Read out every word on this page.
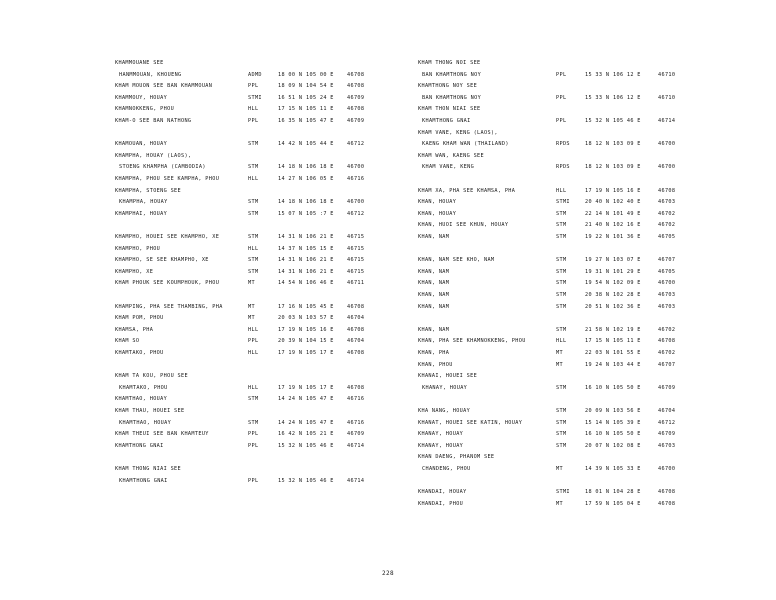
KHAMMOUANE SEE
HANMMOUAN, KHOUENG	ADMD	18 00 N 105 00 E	46708
KHAM MOUON SEE BAN KHAMMOUAN	PPL	18 09 N 104 54 E	46708
KHAMMOUY, HOUAY	STMI	16 51 N 105 24 E	46709
KHAMNOKKENG, PHOU	HLL	17 15 N 105 11 E	46708
KHAM-O SEE BAN NATHONG	PPL	16 35 N 105 47 E	46709
KHAMOUAN, HOUAY	STM	14 42 N 105 44 E	46712
KHAMPHA, HOUAY (LAOS),
STOENG KHAMPHA (CAMBODIA)	STM	14 18 N 106 18 E	46700
KHAMPHA, PHOU SEE KAMPHA, PHOU	HLL	14 27 N 106 05 E	46716
KHAMPHA, STOENG SEE
KHAMPHA, HOUAY	STM	14 18 N 106 18 E	46700
KHAMPHAI, HOUAY	STM	15 07 N 105 :7 E	46712
KHAMPHO, HOUEI SEE KHAMPHO, XE	STM	14 31 N 106 21 E	46715
KHAMPHO, PHOU	HLL	14 37 N 105 15 E	46715
KHAMPHO, SE SEE KHAMPHO, XE	STM	14 31 N 106 21 E	46715
KHAMPHO, XE	STM	14 31 N 106 21 E	46715
KHAM PHOUK SEE KOUMPHOUK, PHOU	MT	14 54 N 106 46 E	46711
KHAMPING, PHA SEE THAMBING, PHA	MT	17 16 N 105 45 E	46708
KHAM POM, PHOU	MT	20 03 N 103 57 E	46704
KHAMSA, PHA	HLL	17 19 N 105 16 E	46708
KHAM SO	PPL	20 39 N 104 15 E	46704
KHAMTAKO, PHOU	HLL	17 19 N 105 17 E	46708
KHAM TA KOU, PHOU SEE
KHAMTAKO, PHOU	HLL	17 19 N 105 17 E	46708
KHAMTHAO, HOUAY	STM	14 24 N 105 47 E	46716
KHAM THAU, HOUEI SEE
KHAMTHAO, HOUAY	STM	14 24 N 105 47 E	46716
KHAM THEUI SEE BAN KHAMTEUY	PPL	16 42 N 105 21 E	46709
KHAMTHONG GNAI	PPL	15 32 N 105 46 E	46714
KHAM THONG NIAI SEE
KHAMTHONG GNAI	PPL	15 32 N 105 46 E	46714
KHAM THONG NOI SEE
BAN KHAMTHONG NOY	PPL	15 33 N 106 12 E	46710
KHAMTHONG NOY SEE
BAN KHAMTHONG NOY	PPL	15 33 N 106 12 E	46710
KHAM THON NIAI SEE
KHAMTHONG GNAI	PPL	15 32 N 105 46 E	46714
KHAM VANE, KENG (LAOS),
KAENG KHAM WAN (THAILAND)	RPDS	18 12 N 103 09 E	46700
KHAM WAN, KAENG SEE
KHAM VANE, KENG	RPDS	18 12 N 103 09 E	46700
KHAM XA, PHA SEE KHAMSA, PHA	HLL	17 19 N 105 16 E	46708
KHAN, HOUAY	STMI	20 40 N 102 40 E	46703
KHAN, HOUAY	STM	22 14 N 101 49 E	46702
KHAN, HUOI SEE KHUN, HOUAY	STM	21 40 N 102 16 E	46702
KHAN, NAM	STM	19 22 N 101 36 E	46705
KHAN, NAM SEE KHO, NAM	STM	19 27 N 103 07 E	46707
KHAN, NAM	STM	19 31 N 101 29 E	46705
KHAN, NAM	STM	19 54 N 102 09 E	46700
KHAN, NAM	STM	20 38 N 102 28 E	46703
KHAN, NAM	STM	20 51 N 102 36 E	46703
KHAN, NAM	STM	21 58 N 102 19 E	46702
KHAN, PHA SEE KHAMNOKKENG, PHOU	HLL	17 15 N 105 11 E	46708
KHAN, PHA	MT	22 03 N 101 55 E	46702
KHAN, PHOU	MT	19 24 N 103 44 E	46707
KHANAI, HOUEI SEE
KHANAY, HOUAY	STM	16 10 N 105 50 E	46709
KHA NANG, HOUAY	STM	20 09 N 103 56 E	46704
KHANAT, HOUEI SEE KATIN, HOUAY	STM	15 14 N 105 39 E	46712
KHANAY, HOUAY	STM	16 10 N 105 50 E	46709
KHANAY, HOUAY	STM	20 07 N 102 08 E	46703
KHAN DAENG, PHANOM SEE
CHANDENG, PHOU	MT	14 39 N 105 33 E	46700
KHANDAI, HOUAY	STMI	18 01 N 104 28 E	46708
KHANDAI, PHOU	MT	17 59 N 105 04 E	46708
228
